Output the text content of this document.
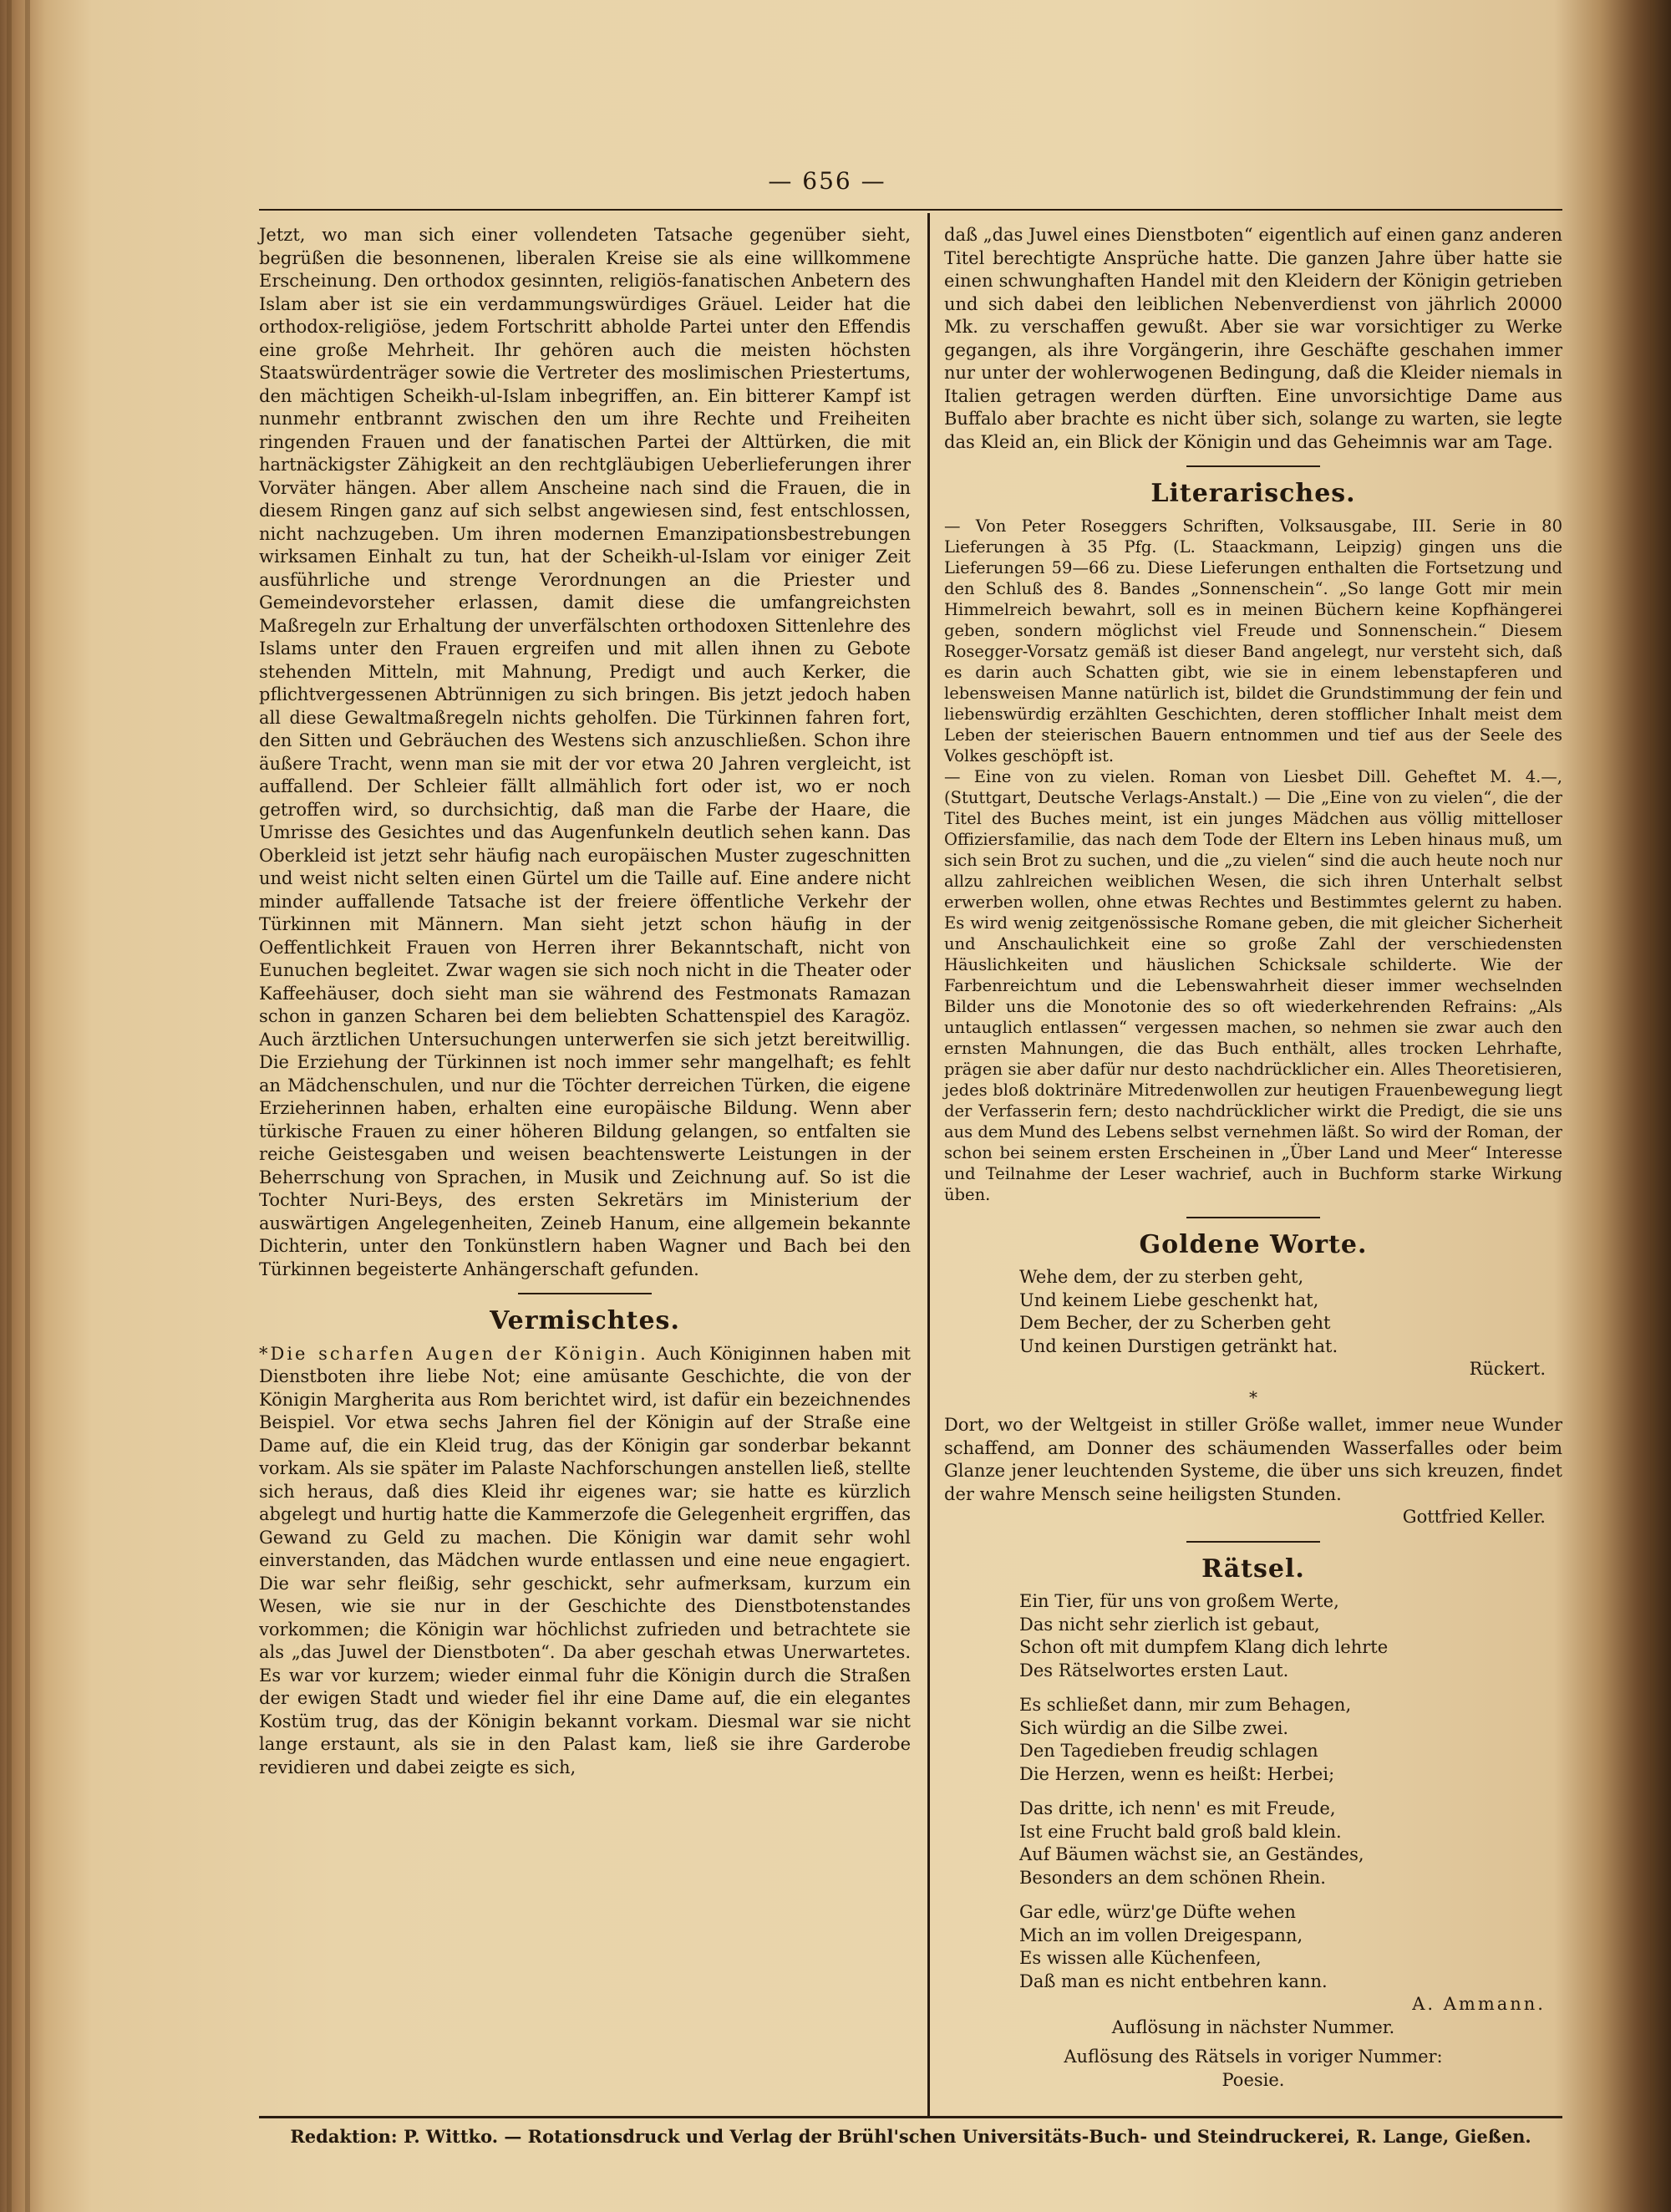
— 656 —

Jetzt, wo man sich einer vollendeten Tatsache gegenüber sieht, begrüßen die besonnenen, liberalen Kreise sie als eine willkommene Erscheinung. Den orthodox gesinnten, religiös-fanatischen Anbetern des Islam aber ist sie ein verdammungswürdiges Gräuel. Leider hat die orthodox-religiöse, jedem Fortschritt abholde Partei unter den Effendis eine große Mehrheit. Ihr gehören auch die meisten höchsten Staatswürdenträger sowie die Vertreter des moslimischen Priestertums, den mächtigen Scheikh-ul-Islam inbegriffen, an. Ein bitterer Kampf ist nunmehr entbrannt zwischen den um ihre Rechte und Freiheiten ringenden Frauen und der fanatischen Partei der Alttürken, die mit hartnäckigster Zähigkeit an den rechtgläubigen Ueberlieferungen ihrer Vorväter hängen. Aber allem Anscheine nach sind die Frauen, die in diesem Ringen ganz auf sich selbst angewiesen sind, fest entschlossen, nicht nachzugeben. Um ihren modernen Emanzipationsbestrebungen wirksamen Einhalt zu tun, hat der Scheikh-ul-Islam vor einiger Zeit ausführliche und strenge Verordnungen an die Priester und Gemeindevorsteher erlassen, damit diese die umfangreichsten Maßregeln zur Erhaltung der unverfälschten orthodoxen Sittenlehre des Islams unter den Frauen ergreifen und mit allen ihnen zu Gebote stehenden Mitteln, mit Mahnung, Predigt und auch Kerker, die pflichtvergessenen Abtrünnigen zu sich bringen. Bis jetzt jedoch haben all diese Gewaltmaßregeln nichts geholfen. Die Türkinnen fahren fort, den Sitten und Gebräuchen des Westens sich anzuschließen. Schon ihre äußere Tracht, wenn man sie mit der vor etwa 20 Jahren vergleicht, ist auffallend. Der Schleier fällt allmählich fort oder ist, wo er noch getroffen wird, so durchsichtig, daß man die Farbe der Haare, die Umrisse des Gesichtes und das Augenfunkeln deutlich sehen kann. Das Oberkleid ist jetzt sehr häufig nach europäischen Muster zugeschnitten und weist nicht selten einen Gürtel um die Taille auf. Eine andere nicht minder auffallende Tatsache ist der freiere öffentliche Verkehr der Türkinnen mit Männern. Man sieht jetzt schon häufig in der Oeffentlichkeit Frauen von Herren ihrer Bekanntschaft, nicht von Eunuchen begleitet. Zwar wagen sie sich noch nicht in die Theater oder Kaffeehäuser, doch sieht man sie während des Festmonats Ramazan schon in ganzen Scharen bei dem beliebten Schattenspiel des Karagöz. Auch ärztlichen Untersuchungen unterwerfen sie sich jetzt bereitwillig. Die Erziehung der Türkinnen ist noch immer sehr mangelhaft; es fehlt an Mädchenschulen, und nur die Töchter derreichen Türken, die eigene Erzieherinnen haben, erhalten eine europäische Bildung. Wenn aber türkische Frauen zu einer höheren Bildung gelangen, so entfalten sie reiche Geistesgaben und weisen beachtenswerte Leistungen in der Beherrschung von Sprachen, in Musik und Zeichnung auf. So ist die Tochter Nuri-Beys, des ersten Sekretärs im Ministerium der auswärtigen Angelegenheiten, Zeineb Hanum, eine allgemein bekannte Dichterin, unter den Tonkünstlern haben Wagner und Bach bei den Türkinnen begeisterte Anhängerschaft gefunden.

Vermischtes.

*Die scharfen Augen der Königin. Auch Königinnen haben mit Dienstboten ihre liebe Not; eine amüsante Geschichte, die von der Königin Margherita aus Rom berichtet wird, ist dafür ein bezeichnendes Beispiel. Vor etwa sechs Jahren fiel der Königin auf der Straße eine Dame auf, die ein Kleid trug, das der Königin gar sonderbar bekannt vorkam. Als sie später im Palaste Nachforschungen anstellen ließ, stellte sich heraus, daß dies Kleid ihr eigenes war; sie hatte es kürzlich abgelegt und hurtig hatte die Kammerzofe die Gelegenheit ergriffen, das Gewand zu Geld zu machen. Die Königin war damit sehr wohl einverstanden, das Mädchen wurde entlassen und eine neue engagiert. Die war sehr fleißig, sehr geschickt, sehr aufmerksam, kurzum ein Wesen, wie sie nur in der Geschichte des Dienstbotenstandes vorkommen; die Königin war höchlichst zufrieden und betrachtete sie als „das Juwel der Dienstboten“. Da aber geschah etwas Unerwartetes. Es war vor kurzem; wieder einmal fuhr die Königin durch die Straßen der ewigen Stadt und wieder fiel ihr eine Dame auf, die ein elegantes Kostüm trug, das der Königin bekannt vorkam. Diesmal war sie nicht lange erstaunt, als sie in den Palast kam, ließ sie ihre Garderobe revidieren und dabei zeigte es sich,

daß „das Juwel eines Dienstboten“ eigentlich auf einen ganz anderen Titel berechtigte Ansprüche hatte. Die ganzen Jahre über hatte sie einen schwunghaften Handel mit den Kleidern der Königin getrieben und sich dabei den leiblichen Nebenverdienst von jährlich 20000 Mk. zu verschaffen gewußt. Aber sie war vorsichtiger zu Werke gegangen, als ihre Vorgängerin, ihre Geschäfte geschahen immer nur unter der wohlerwogenen Bedingung, daß die Kleider niemals in Italien getragen werden dürften. Eine unvorsichtige Dame aus Buffalo aber brachte es nicht über sich, solange zu warten, sie legte das Kleid an, ein Blick der Königin und das Geheimnis war am Tage.

Literarisches.

— Von Peter Roseggers Schriften, Volksausgabe, III. Serie in 80 Lieferungen à 35 Pfg. (L. Staackmann, Leipzig) gingen uns die Lieferungen 59—66 zu. Diese Lieferungen enthalten die Fortsetzung und den Schluß des 8. Bandes „Sonnenschein“. „So lange Gott mir mein Himmelreich bewahrt, soll es in meinen Büchern keine Kopfhängerei geben, sondern möglichst viel Freude und Sonnenschein.“ Diesem Rosegger-Vorsatz gemäß ist dieser Band angelegt, nur versteht sich, daß es darin auch Schatten gibt, wie sie in einem lebenstapferen und lebensweisen Manne natürlich ist, bildet die Grundstimmung der fein und liebenswürdig erzählten Geschichten, deren stofflicher Inhalt meist dem Leben der steierischen Bauern entnommen und tief aus der Seele des Volkes geschöpft ist.

— Eine von zu vielen. Roman von Liesbet Dill. Geheftet M. 4.—, (Stuttgart, Deutsche Verlags-Anstalt.) — Die „Eine von zu vielen“, die der Titel des Buches meint, ist ein junges Mädchen aus völlig mittelloser Offiziersfamilie, das nach dem Tode der Eltern ins Leben hinaus muß, um sich sein Brot zu suchen, und die „zu vielen“ sind die auch heute noch nur allzu zahlreichen weiblichen Wesen, die sich ihren Unterhalt selbst erwerben wollen, ohne etwas Rechtes und Bestimmtes gelernt zu haben. Es wird wenig zeitgenössische Romane geben, die mit gleicher Sicherheit und Anschaulichkeit eine so große Zahl der verschiedensten Häuslichkeiten und häuslichen Schicksale schilderte. Wie der Farbenreichtum und die Lebenswahrheit dieser immer wechselnden Bilder uns die Monotonie des so oft wiederkehrenden Refrains: „Als untauglich entlassen“ vergessen machen, so nehmen sie zwar auch den ernsten Mahnungen, die das Buch enthält, alles trocken Lehrhafte, prägen sie aber dafür nur desto nachdrücklicher ein. Alles Theoretisieren, jedes bloß doktrinäre Mitredenwollen zur heutigen Frauenbewegung liegt der Verfasserin fern; desto nachdrücklicher wirkt die Predigt, die sie uns aus dem Mund des Lebens selbst vernehmen läßt. So wird der Roman, der schon bei seinem ersten Erscheinen in „Über Land und Meer“ Interesse und Teilnahme der Leser wachrief, auch in Buchform starke Wirkung üben.

Goldene Worte.
Wehe dem, der zu sterben geht,
Und keinem Liebe geschenkt hat,
Dem Becher, der zu Scherben geht
Und keinen Durstigen getränkt hat.
Rückert.
*

Dort, wo der Weltgeist in stiller Größe wallet, immer neue Wunder schaffend, am Donner des schäumenden Wasserfalles oder beim Glanze jener leuchtenden Systeme, die über uns sich kreuzen, findet der wahre Mensch seine heiligsten Stunden.

Gottfried Keller.
Rätsel.
Ein Tier, für uns von großem Werte,
Das nicht sehr zierlich ist gebaut,
Schon oft mit dumpfem Klang dich lehrte
Des Rätselwortes ersten Laut.
Es schließet dann, mir zum Behagen,
Sich würdig an die Silbe zwei.
Den Tagedieben freudig schlagen
Die Herzen, wenn es heißt: Herbei;
Das dritte, ich nenn' es mit Freude,
Ist eine Frucht bald groß bald klein.
Auf Bäumen wächst sie, an Geständes,
Besonders an dem schönen Rhein.
Gar edle, würz'ge Düfte wehen
Mich an im vollen Dreigespann,
Es wissen alle Küchenfeen,
Daß man es nicht entbehren kann.
A. Ammann.
Auflösung in nächster Nummer.
Auflösung des Rätsels in voriger Nummer:
Poesie.
Redaktion: P. Wittko. — Rotationsdruck und Verlag der Brühl'schen Universitäts-Buch- und Steindruckerei, R. Lange, Gießen.
